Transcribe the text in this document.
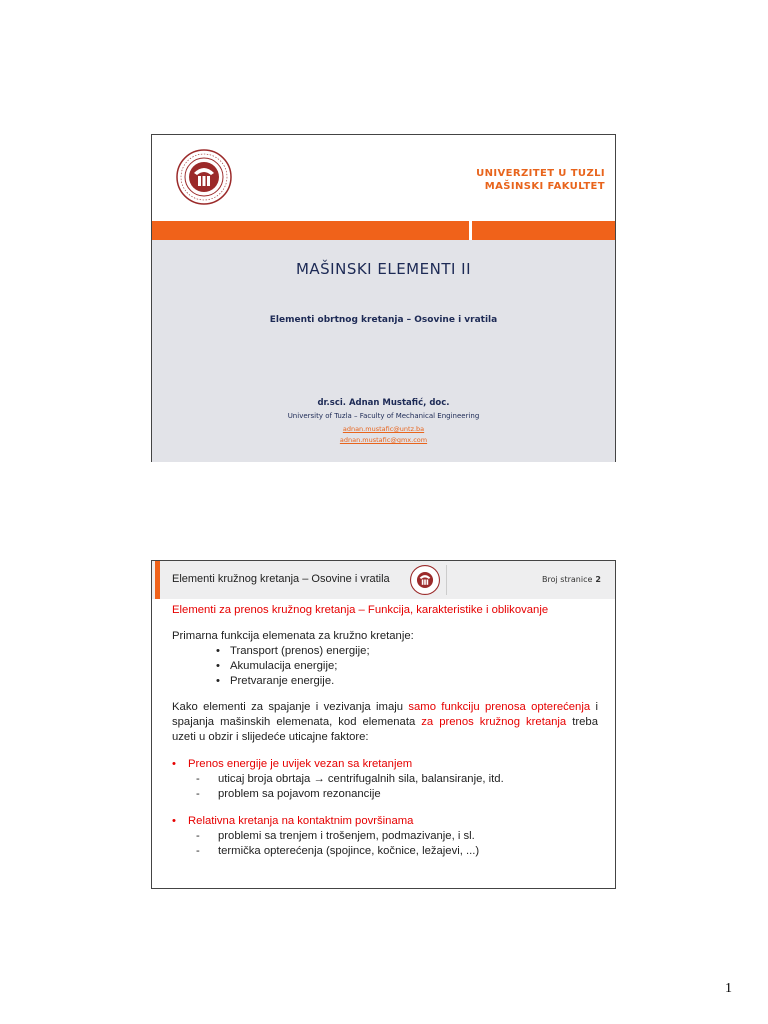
UNIVERZITET U TUZLI
MAŠINSKI FAKULTET
MAŠINSKI ELEMENTI II
Elementi obrtnog kretanja – Osovine i vratila
dr.sci. Adnan Mustafić, doc.
University of Tuzla – Faculty of Mechanical Engineering
adnan.mustafic@untz.ba
adnan.mustafic@gmx.com
Elementi kružnog kretanja – Osovine i vratila	Broj stranice 2

Elementi za prenos kružnog kretanja – Funkcija, karakteristike i oblikovanje

Primarna funkcija elemenata za kružno kretanje:

• Transport (prenos) energije;
• Akumulacija energije;
• Pretvaranje energije.

Kako elementi za spajanje i vezivanja imaju samo funkciju prenosa opterećenja i spajanja mašinskih elemenata, kod elemenata za prenos kružnog kretanja treba uzeti u obzir i slijedeće uticajne faktore:

• Prenos energije je uvijek vezan sa kretanjem
- uticaj broja obrtaja → centrifugalnih sila, balansiranje, itd.
- problem sa pojavom rezonancije
• Relativna kretanja na kontaktnim površinama
- problemi sa trenjem i trošenjem, podmazivanje, i sl.
- termička opterećenja (spojince, kočnice, ležajevi, ...)
1
